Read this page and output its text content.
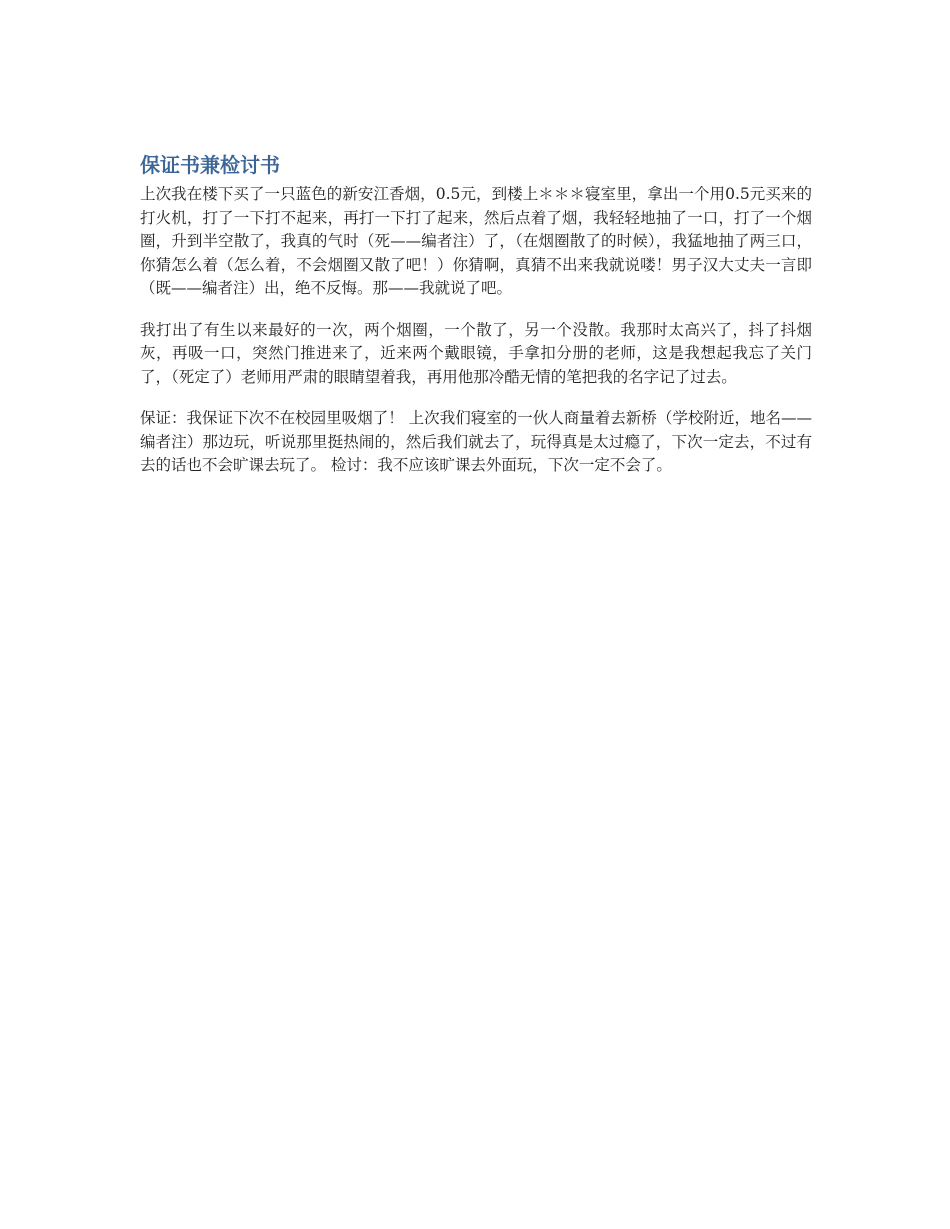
保证书兼检讨书

上次我在楼下买了一只蓝色的新安江香烟，0.5元，到楼上＊＊＊寝室里，拿出一个用0.5元买来的打火机，打了一下打不起来，再打一下打了起来，然后点着了烟，我轻轻地抽了一口，打了一个烟圈，升到半空散了，我真的气时（死——编者注）了，（在烟圈散了的时候），我猛地抽了两三口，你猜怎么着（怎么着，不会烟圈又散了吧！）你猜啊，真猜不出来我就说喽！男子汉大丈夫一言即（既——编者注）出，绝不反悔。那——我就说了吧。

我打出了有生以来最好的一次，两个烟圈，一个散了，另一个没散。我那时太高兴了，抖了抖烟灰，再吸一口，突然门推进来了，近来两个戴眼镜，手拿扣分册的老师，这是我想起我忘了关门了，（死定了）老师用严肃的眼睛望着我，再用他那冷酷无情的笔把我的名字记了过去。

保证：我保证下次不在校园里吸烟了！ 上次我们寝室的一伙人商量着去新桥（学校附近，地名——编者注）那边玩，听说那里挺热闹的，然后我们就去了，玩得真是太过瘾了，下次一定去，不过有去的话也不会旷课去玩了。 检讨：我不应该旷课去外面玩，下次一定不会了。
